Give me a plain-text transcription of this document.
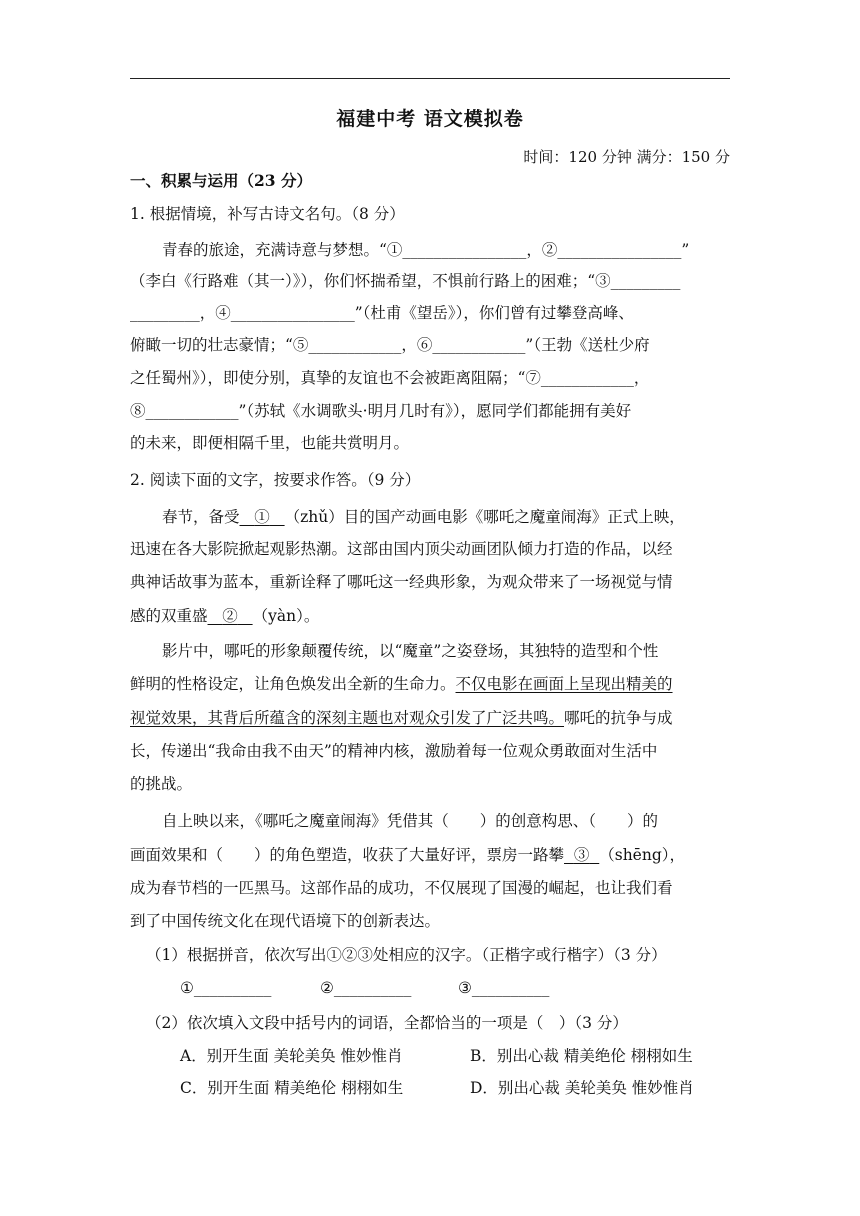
福建中考 语文模拟卷
时间：120 分钟 满分：150 分
一、积累与运用（23 分）
1. 根据情境，补写古诗文名句。（8 分）
青春的旅途，充满诗意与梦想。“①________________，②________________”
（李白《行路难（其一）》），你们怀揣希望，不惧前行路上的困难；“③_________
_________，④________________”（杜甫《望岳》），你们曾有过攀登高峰、
俯瞰一切的壮志豪情；“⑤____________，⑥____________”（王勃《送杜少府
之任蜀州》），即使分别，真挚的友谊也不会被距离阻隔；“⑦____________，
⑧____________”（苏轼《水调歌头·明月几时有》），愿同学们都能拥有美好
的未来，即便相隔千里，也能共赏明月。
2. 阅读下面的文字，按要求作答。（9 分）
春节，备受 ① （zhǔ）目的国产动画电影《哪吒之魔童闹海》正式上映，
迅速在各大影院掀起观影热潮。这部由国内顶尖动画团队倾力打造的作品，以经
典神话故事为蓝本，重新诠释了哪吒这一经典形象，为观众带来了一场视觉与情
感的双重盛 ② （yàn）。
影片中，哪吒的形象颠覆传统，以“魔童”之姿登场，其独特的造型和个性
鲜明的性格设定，让角色焕发出全新的生命力。不仅电影在画面上呈现出精美的
视觉效果，其背后所蕴含的深刻主题也对观众引发了广泛共鸣。哪吒的抗争与成
长，传递出“我命由我不由天”的精神内核，激励着每一位观众勇敢面对生活中
的挑战。
自上映以来，《哪吒之魔童闹海》凭借其（　　）的创意构思、（　　）的
画面效果和（　　）的角色塑造，收获了大量好评，票房一路攀 ③ （shēng），
成为春节档的一匹黑马。这部作品的成功，不仅展现了国漫的崛起，也让我们看
到了中国传统文化在现代语境下的创新表达。
（1）根据拼音，依次写出①②③处相应的汉字。（正楷字或行楷字）（3 分）
①__________	②__________	③__________
（2）依次填入文段中括号内的词语，全都恰当的一项是（　）（3 分）
A．别开生面 美轮美奂 惟妙惟肖	B．别出心裁 精美绝伦 栩栩如生
C．别开生面 精美绝伦 栩栩如生	D．别出心裁 美轮美奂 惟妙惟肖
